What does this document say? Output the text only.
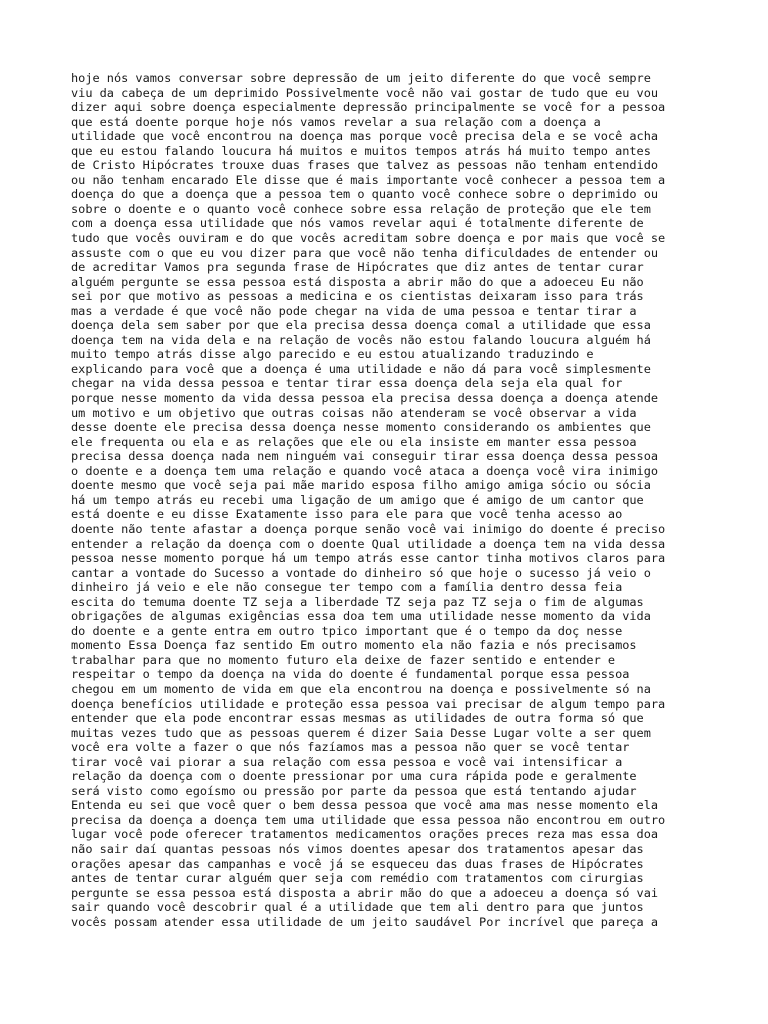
hoje nós vamos conversar sobre depressão de um jeito diferente do que você sempre
viu da cabeça de um deprimido Possivelmente você não vai gostar de tudo que eu vou
dizer aqui sobre doença especialmente depressão principalmente se você for a pessoa
que está doente porque hoje nós vamos revelar a sua relação com a doença a
utilidade que você encontrou na doença mas porque você precisa dela e se você acha
que eu estou falando loucura há muitos e muitos tempos atrás há muito tempo antes
de Cristo Hipócrates trouxe duas frases que talvez as pessoas não tenham entendido
ou não tenham encarado Ele disse que é mais importante você conhecer a pessoa tem a
doença do que a doença que a pessoa tem o quanto você conhece sobre o deprimido ou
sobre o doente e o quanto você conhece sobre essa relação de proteção que ele tem
com a doença essa utilidade que nós vamos revelar aqui é totalmente diferente de
tudo que vocês ouviram e do que vocês acreditam sobre doença e por mais que você se
assuste com o que eu vou dizer para que você não tenha dificuldades de entender ou
de acreditar Vamos pra segunda frase de Hipócrates que diz antes de tentar curar
alguém pergunte se essa pessoa está disposta a abrir mão do que a adoeceu Eu não
sei por que motivo as pessoas a medicina e os cientistas deixaram isso para trás
mas a verdade é que você não pode chegar na vida de uma pessoa e tentar tirar a
doença dela sem saber por que ela precisa dessa doença comal a utilidade que essa
doença tem na vida dela e na relação de vocês não estou falando loucura alguém há
muito tempo atrás disse algo parecido e eu estou atualizando traduzindo e
explicando para você que a doença é uma utilidade e não dá para você simplesmente
chegar na vida dessa pessoa e tentar tirar essa doença dela seja ela qual for
porque nesse momento da vida dessa pessoa ela precisa dessa doença a doença atende
um motivo e um objetivo que outras coisas não atenderam se você observar a vida
desse doente ele precisa dessa doença nesse momento considerando os ambientes que
ele frequenta ou ela e as relações que ele ou ela insiste em manter essa pessoa
precisa dessa doença nada nem ninguém vai conseguir tirar essa doença dessa pessoa
o doente e a doença tem uma relação e quando você ataca a doença você vira inimigo
doente mesmo que você seja pai mãe marido esposa filho amigo amiga sócio ou sócia
há um tempo atrás eu recebi uma ligação de um amigo que é amigo de um cantor que
está doente e eu disse Exatamente isso para ele para que você tenha acesso ao
doente não tente afastar a doença porque senão você vai inimigo do doente é preciso
entender a relação da doença com o doente Qual utilidade a doença tem na vida dessa
pessoa nesse momento porque há um tempo atrás esse cantor tinha motivos claros para
cantar a vontade do Sucesso a vontade do dinheiro só que hoje o sucesso já veio o
dinheiro já veio e ele não consegue ter tempo com a família dentro dessa feia
escita do temuma doente TZ seja a liberdade TZ seja paz TZ seja o fim de algumas
obrigações de algumas exigências essa doa tem uma utilidade nesse momento da vida
do doente e a gente entra em outro tpico important que é o tempo da doç nesse
momento Essa Doença faz sentido Em outro momento ela não fazia e nós precisamos
trabalhar para que no momento futuro ela deixe de fazer sentido e entender e
respeitar o tempo da doença na vida do doente é fundamental porque essa pessoa
chegou em um momento de vida em que ela encontrou na doença e possivelmente só na
doença benefícios utilidade e proteção essa pessoa vai precisar de algum tempo para
entender que ela pode encontrar essas mesmas as utilidades de outra forma só que
muitas vezes tudo que as pessoas querem é dizer Saia Desse Lugar volte a ser quem
você era volte a fazer o que nós fazíamos mas a pessoa não quer se você tentar
tirar você vai piorar a sua relação com essa pessoa e você vai intensificar a
relação da doença com o doente pressionar por uma cura rápida pode e geralmente
será visto como egoísmo ou pressão por parte da pessoa que está tentando ajudar
Entenda eu sei que você quer o bem dessa pessoa que você ama mas nesse momento ela
precisa da doença a doença tem uma utilidade que essa pessoa não encontrou em outro
lugar você pode oferecer tratamentos medicamentos orações preces reza mas essa doa
não sair daí quantas pessoas nós vimos doentes apesar dos tratamentos apesar das
orações apesar das campanhas e você já se esqueceu das duas frases de Hipócrates
antes de tentar curar alguém quer seja com remédio com tratamentos com cirurgias
pergunte se essa pessoa está disposta a abrir mão do que a adoeceu a doença só vai
sair quando você descobrir qual é a utilidade que tem ali dentro para que juntos
vocês possam atender essa utilidade de um jeito saudável Por incrível que pareça a
